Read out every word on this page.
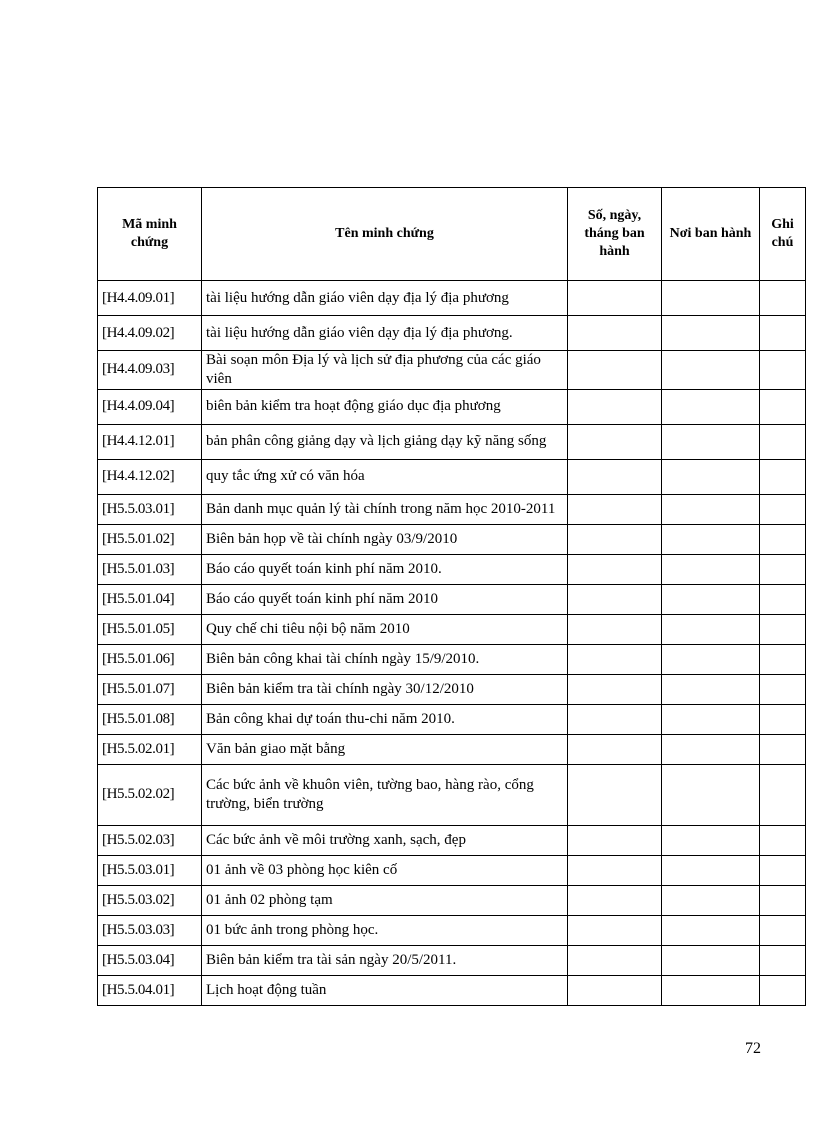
Mã minh chứng	Tên minh chứng	Số, ngày, tháng ban hành	Nơi ban hành	Ghi chú
[H4.4.09.01]	tài liệu hướng dẫn giáo viên dạy địa lý địa phương			
[H4.4.09.02]	tài liệu hướng dẫn giáo viên dạy địa lý địa phương.			
[H4.4.09.03]	Bài soạn môn Địa lý và lịch sử địa phương của các giáo viên			
[H4.4.09.04]	biên bản kiểm tra hoạt động giáo dục địa phương			
[H4.4.12.01]	bản phân công giảng dạy và lịch giảng dạy kỹ năng sống			
[H4.4.12.02]	quy tắc ứng xử có văn hóa			
[H5.5.03.01]	Bản danh mục quản lý tài chính trong năm học 2010-2011			
[H5.5.01.02]	Biên bản họp về tài chính ngày 03/9/2010			
[H5.5.01.03]	Báo cáo quyết toán kinh phí năm 2010.			
[H5.5.01.04]	Báo cáo quyết toán kinh phí năm 2010			
[H5.5.01.05]	Quy chế chi tiêu nội bộ năm 2010			
[H5.5.01.06]	Biên bản công khai tài chính ngày 15/9/2010.			
[H5.5.01.07]	Biên bản kiểm tra tài chính ngày 30/12/2010			
[H5.5.01.08]	Bản công khai dự toán thu-chi năm 2010.			
[H5.5.02.01]	Văn bản giao mặt bằng			
[H5.5.02.02]	Các bức ảnh về khuôn viên, tường bao, hàng rào, cổng trường, biển trường			
[H5.5.02.03]	Các bức ảnh về môi trường xanh, sạch, đẹp			
[H5.5.03.01]	01 ảnh về 03 phòng học kiên cố			
[H5.5.03.02]	01 ảnh 02 phòng tạm			
[H5.5.03.03]	01 bức ảnh trong phòng học.			
[H5.5.03.04]	Biên bản kiểm tra tài sản ngày 20/5/2011.			
[H5.5.04.01]	Lịch hoạt động tuần			
72
